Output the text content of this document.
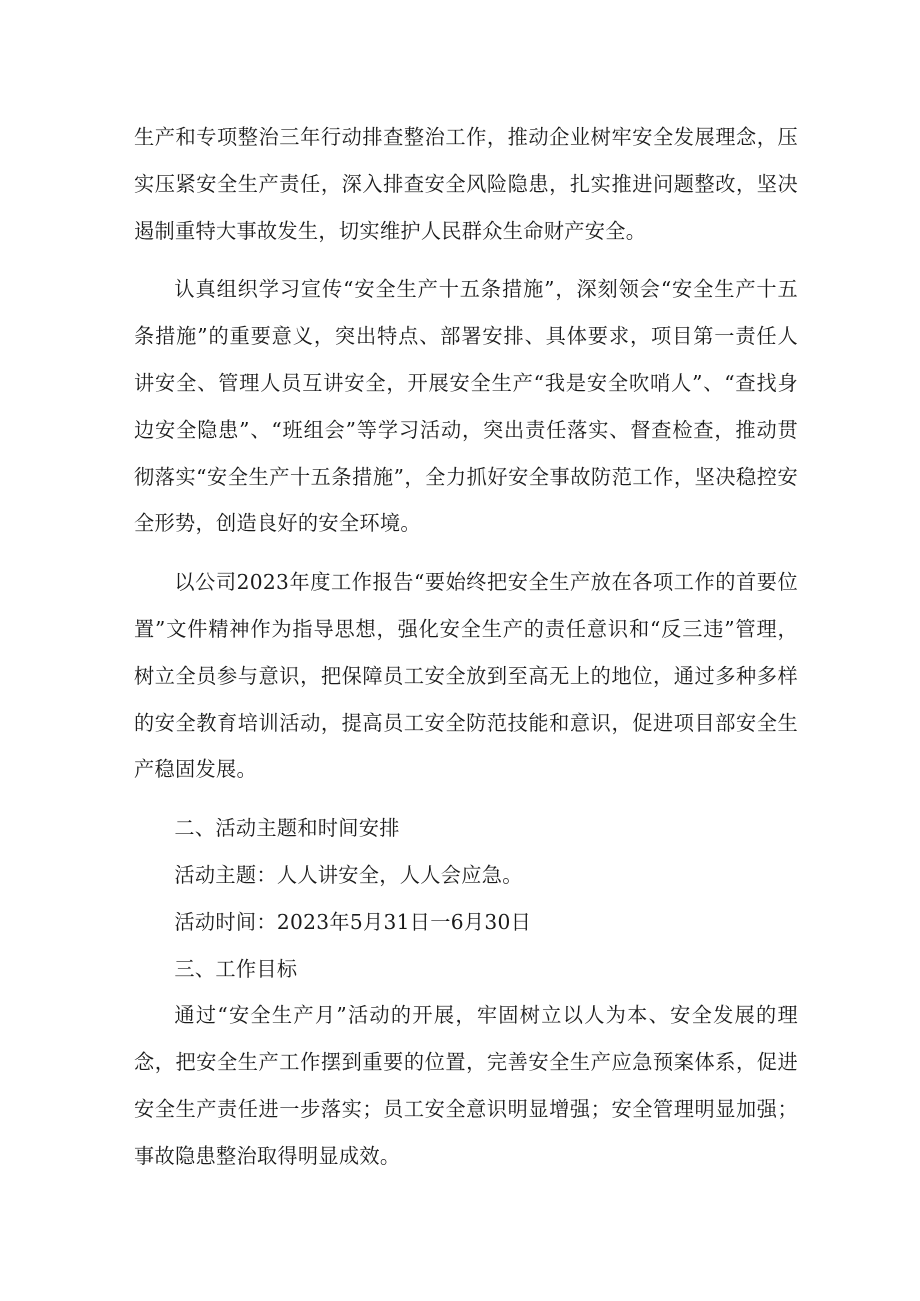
生产和专项整治三年行动排查整治工作，推动企业树牢安全发展理念，压实压紧安全生产责任，深入排查安全风险隐患，扎实推进问题整改，坚决遏制重特大事故发生，切实维护人民群众生命财产安全。

认真组织学习宣传“安全生产十五条措施”，深刻领会“安全生产十五条措施”的重要意义，突出特点、部署安排、具体要求，项目第一责任人讲安全、管理人员互讲安全，开展安全生产“我是安全吹哨人”、“查找身边安全隐患”、“班组会”等学习活动，突出责任落实、督查检查，推动贯彻落实“安全生产十五条措施”，全力抓好安全事故防范工作，坚决稳控安全形势，创造良好的安全环境。

以公司2023年度工作报告“要始终把安全生产放在各项工作的首要位置”文件精神作为指导思想，强化安全生产的责任意识和“反三违”管理，树立全员参与意识，把保障员工安全放到至高无上的地位，通过多种多样的安全教育培训活动，提高员工安全防范技能和意识，促进项目部安全生产稳固发展。

二、活动主题和时间安排

活动主题：人人讲安全，人人会应急。

活动时间：2023年5月31日一6月30日

三、工作目标

通过“安全生产月”活动的开展，牢固树立以人为本、安全发展的理念，把安全生产工作摆到重要的位置，完善安全生产应急预案体系，促进安全生产责任进一步落实；员工安全意识明显增强；安全管理明显加强；事故隐患整治取得明显成效。
